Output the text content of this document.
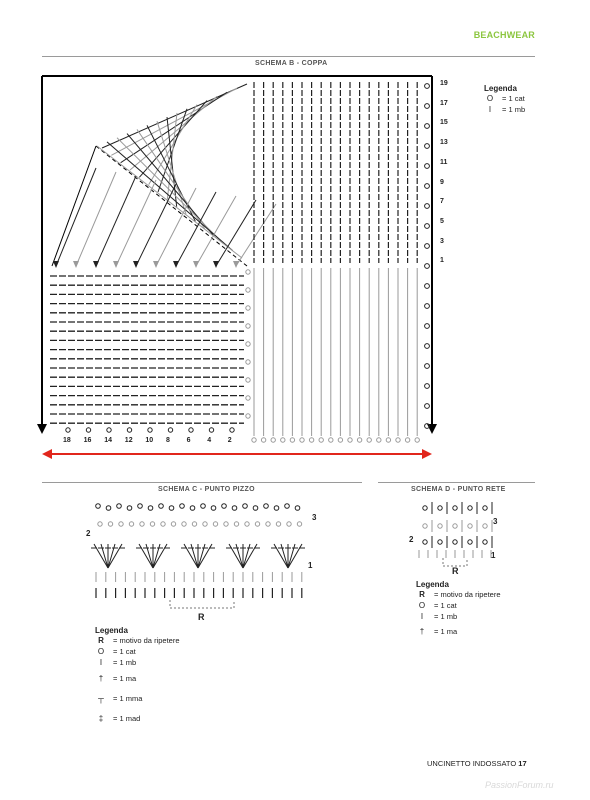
BEACHWEAR
SCHEMA B - COPPA
19
17
15
13
11
9
7
5
3
1
18 16 14 12 10 8 6 4 2
Legenda
O	= 1 cat
I	= 1 mb
SCHEMA C - PUNTO PIZZO
R
3
2
1
Legenda
R	= motivo da ripetere
O	= 1 cat
I	= 1 mb
†	= 1 ma
┬	= 1 mma
‡	= 1 mad
SCHEMA D - PUNTO RETE
R
3
2
1
Legenda
R	= motivo da ripetere
O	= 1 cat
I	= 1 mb
†	= 1 ma
UNCINETTO INDOSSATO 17
PassionForum.ru
